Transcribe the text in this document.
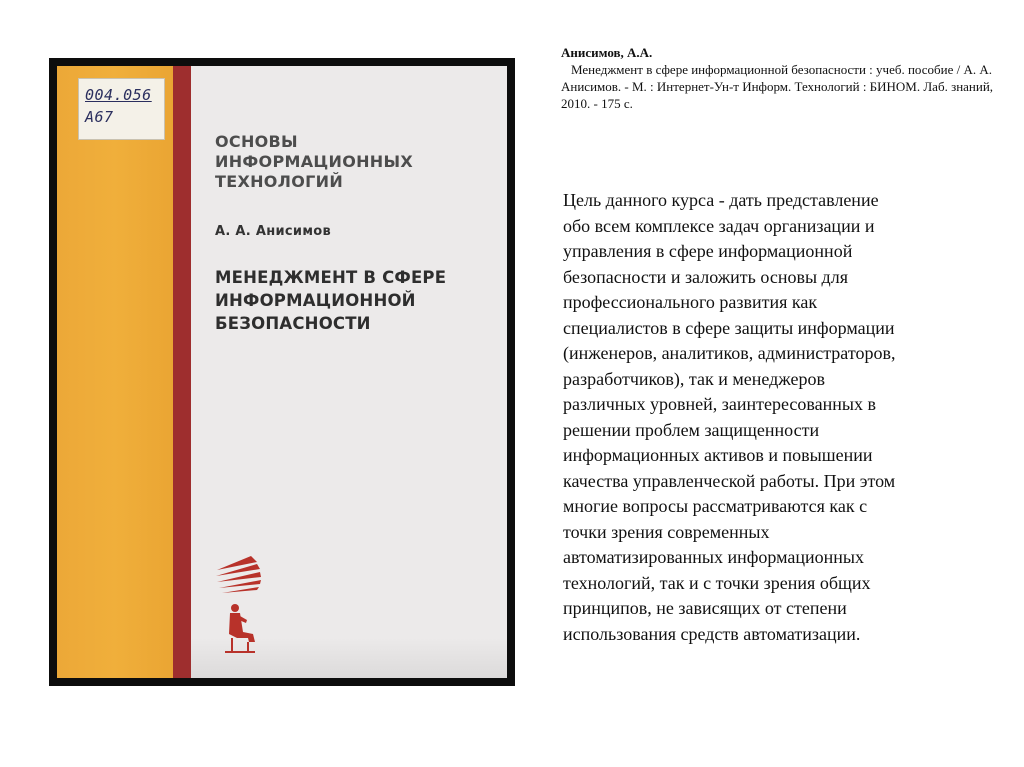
004.056
A67
ОСНОВЫ
ИНФОРМАЦИОННЫХ
ТЕХНОЛОГИЙ
А. А. Анисимов
МЕНЕДЖМЕНТ В СФЕРЕ
ИНФОРМАЦИОННОЙ
БЕЗОПАСНОСТИ
Анисимов, А.А.
Менеджмент в сфере информационной безопасности : учеб. пособие / А. А. Анисимов. - М. : Интернет-Ун-т Информ. Технологий : БИНОМ. Лаб. знаний, 2010. - 175 с.
Цель данного курса - дать представление
обо всем комплексе задач организации и
управления в сфере информационной
безопасности и заложить основы для
профессионального развития как
специалистов в сфере защиты информации
(инженеров, аналитиков, администраторов,
разработчиков), так и менеджеров
различных уровней, заинтересованных в
решении проблем защищенности
информационных активов и повышении
качества управленческой работы. При этом
многие вопросы рассматриваются как с
точки зрения современных
автоматизированных информационных
технологий, так и с точки зрения общих
принципов, не зависящих от степени
использования средств автоматизации.
